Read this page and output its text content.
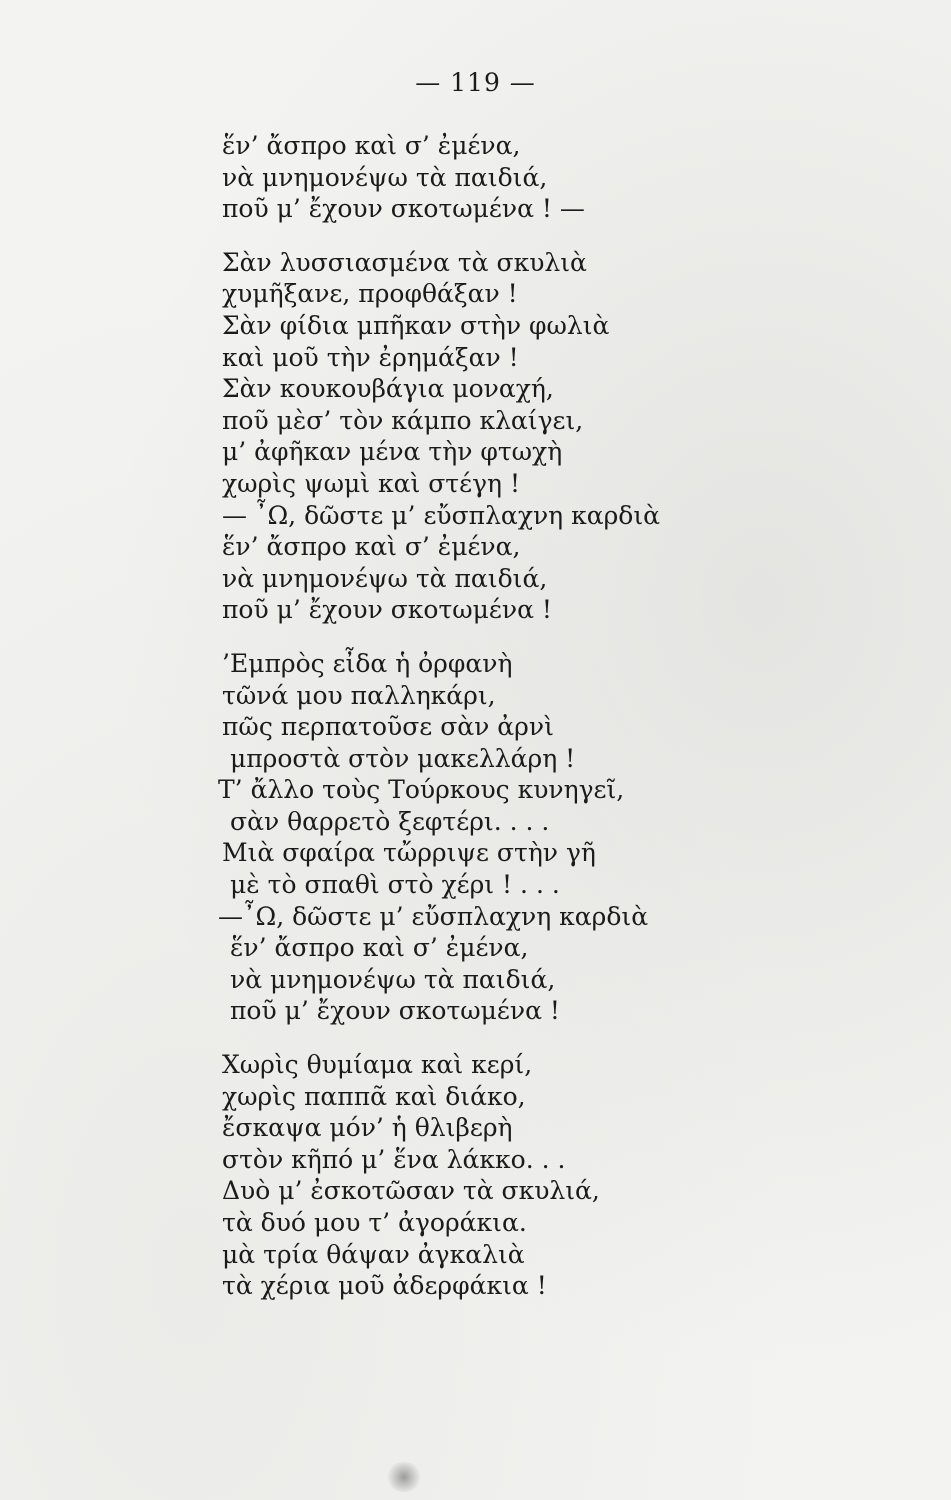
— 119 —
ἕν’ ἄσπρο καὶ σ’ ἐμένα,
νὰ μνημονέψω τὰ παιδιά,
ποῦ μ’ ἔχουν σκοτωμένα ! —
Σὰν λυσσιασμένα τὰ σκυλιὰ
χυμῆξανε, προφθάξαν !
Σὰν φίδια μπῆκαν στὴν φωλιὰ
καὶ μοῦ τὴν ἐρημάξαν !
Σὰν κουκουβάγια μοναχή,
ποῦ μὲσ’ τὸν κάμπο κλαίγει,
μ’ ἀφῆκαν μένα τὴν φτωχὴ
χωρὶς ψωμὶ καὶ στέγη !
— ῏Ω, δῶστε μ’ εὔσπλαχνη καρδιὰ
ἕν’ ἄσπρο καὶ σ’ ἐμένα,
νὰ μνημονέψω τὰ παιδιά,
ποῦ μ’ ἔχουν σκοτωμένα !
’Εμπρὸς εἶδα ἡ ὀρφανὴ
τῶνά μου παλληκάρι,
πῶς περπατοῦσε σὰν ἀρνὶ
μπροστὰ στὸν μακελλάρη !
Τ’ ἄλλο τοὺς Τούρκους κυνηγεῖ,
σὰν θαρρετὸ ξεφτέρι. . . .
Μιὰ σφαίρα τὤρριψε στὴν γῆ
μὲ τὸ σπαθὶ στὸ χέρι ! . . .
—῏Ω, δῶστε μ’ εὔσπλαχνη καρδιὰ
ἕν’ ἄσπρο καὶ σ’ ἐμένα,
νὰ μνημονέψω τὰ παιδιά,
ποῦ μ’ ἔχουν σκοτωμένα !
Χωρὶς θυμίαμα καὶ κερί,
χωρὶς παππᾶ καὶ διάκο,
ἔσκαψα μόν’ ἡ θλιβερὴ
στὸν κῆπό μ’ ἕνα λάκκο. . .
Δυὸ μ’ ἐσκοτῶσαν τὰ σκυλιά,
τὰ δυό μου τ’ ἀγοράκια.
μὰ τρία θάψαν ἀγκαλιὰ
τὰ χέρια μοῦ ἀδερφάκια !
